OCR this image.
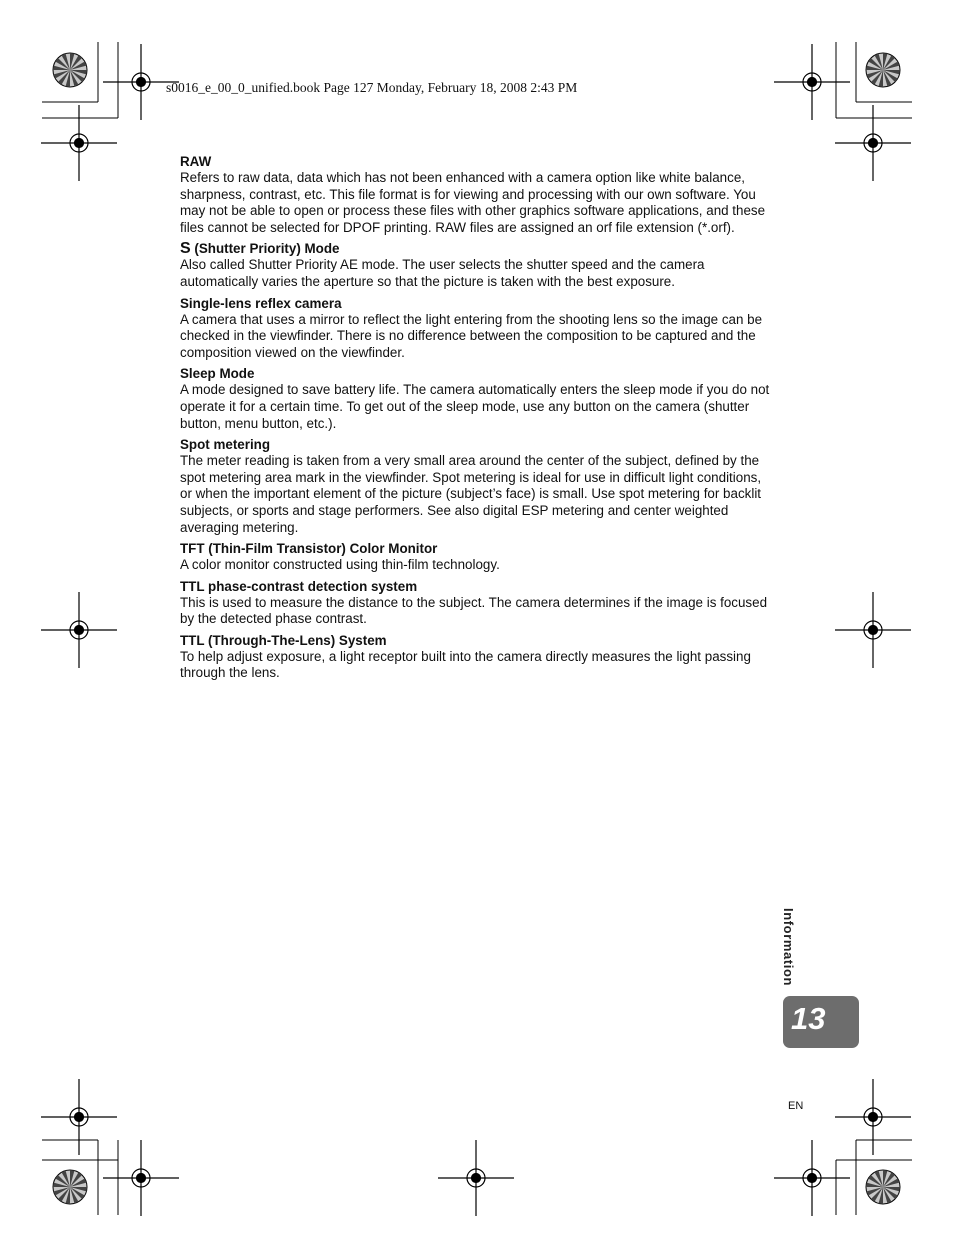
s0016_e_00_0_unified.book Page 127 Monday, February 18, 2008 2:43 PM

RAW

Refers to raw data, data which has not been enhanced with a camera option like white balance, sharpness, contrast, etc. This file format is for viewing and processing with our own software. You may not be able to open or process these files with other graphics software applications, and these files cannot be selected for DPOF printing. RAW files are assigned an orf file extension (*.orf).

S (Shutter Priority) Mode

Also called Shutter Priority AE mode. The user selects the shutter speed and the camera automatically varies the aperture so that the picture is taken with the best exposure.

Single-lens reflex camera

A camera that uses a mirror to reflect the light entering from the shooting lens so the image can be checked in the viewfinder. There is no difference between the composition to be captured and the composition viewed on the viewfinder.

Sleep Mode

A mode designed to save battery life. The camera automatically enters the sleep mode if you do not operate it for a certain time. To get out of the sleep mode, use any button on the camera (shutter button, menu button, etc.).

Spot metering

The meter reading is taken from a very small area around the center of the subject, defined by the spot metering area mark in the viewfinder. Spot metering is ideal for use in difficult light conditions, or when the important element of the picture (subject’s face) is small. Use spot metering for backlit subjects, or sports and stage performers. See also digital ESP metering and center weighted averaging metering.

TFT (Thin-Film Transistor) Color Monitor

A color monitor constructed using thin-film technology.

TTL phase-contrast detection system

This is used to measure the distance to the subject. The camera determines if the image is focused by the detected phase contrast.

TTL (Through-The-Lens) System

To help adjust exposure, a light receptor built into the camera directly measures the light passing through the lens.

Information
13
EN
